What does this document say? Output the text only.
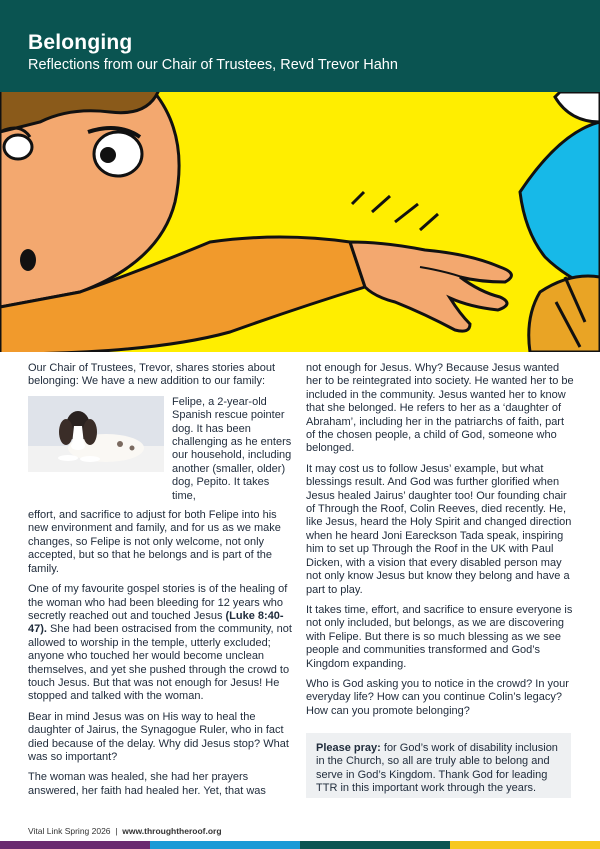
Belonging
Reflections from our Chair of Trustees, Revd Trevor Hahn

Our Chair of Trustees, Trevor, shares stories about belonging: We have a new addition to our family:

Felipe, a 2-year-old Spanish rescue pointer dog. It has been challenging as he enters our household, including another (smaller, older) dog, Pepito. It takes time,

effort, and sacrifice to adjust for both Felipe into his new environment and family, and for us as we make changes, so Felipe is not only welcome, not only accepted, but so that he belongs and is part of the family.

One of my favourite gospel stories is of the healing of the woman who had been bleeding for 12 years who secretly reached out and touched Jesus (Luke 8:40-47). She had been ostracised from the community, not allowed to worship in the temple, utterly excluded; anyone who touched her would become unclean themselves, and yet she pushed through the crowd to touch Jesus. But that was not enough for Jesus! He stopped and talked with the woman.

Bear in mind Jesus was on His way to heal the daughter of Jairus, the Synagogue Ruler, who in fact died because of the delay. Why did Jesus stop? What was so important?

The woman was healed, she had her prayers answered, her faith had healed her. Yet, that was

not enough for Jesus. Why? Because Jesus wanted her to be reintegrated into society. He wanted her to be included in the community. Jesus wanted her to know that she belonged. He refers to her as a ‘daughter of Abraham’, including her in the patriarchs of faith, part of the chosen people, a child of God, someone who belonged.

It may cost us to follow Jesus’ example, but what blessings result. And God was further glorified when Jesus healed Jairus’ daughter too! Our founding chair of Through the Roof, Colin Reeves, died recently. He, like Jesus, heard the Holy Spirit and changed direction when he heard Joni Eareckson Tada speak, inspiring him to set up Through the Roof in the UK with Paul Dicken, with a vision that every disabled person may not only know Jesus but know they belong and have a part to play.

It takes time, effort, and sacrifice to ensure everyone is not only included, but belongs, as we are discovering with Felipe. But there is so much blessing as we see people and communities transformed and God’s Kingdom expanding.

Who is God asking you to notice in the crowd? In your everyday life? How can you continue Colin’s legacy? How can you promote belonging?

Please pray: for God’s work of disability inclusion in the Church, so all are truly able to belong and serve in God’s Kingdom. Thank God for leading TTR in this important work through the years.
Vital Link Spring 2026 | www.throughtheroof.org
